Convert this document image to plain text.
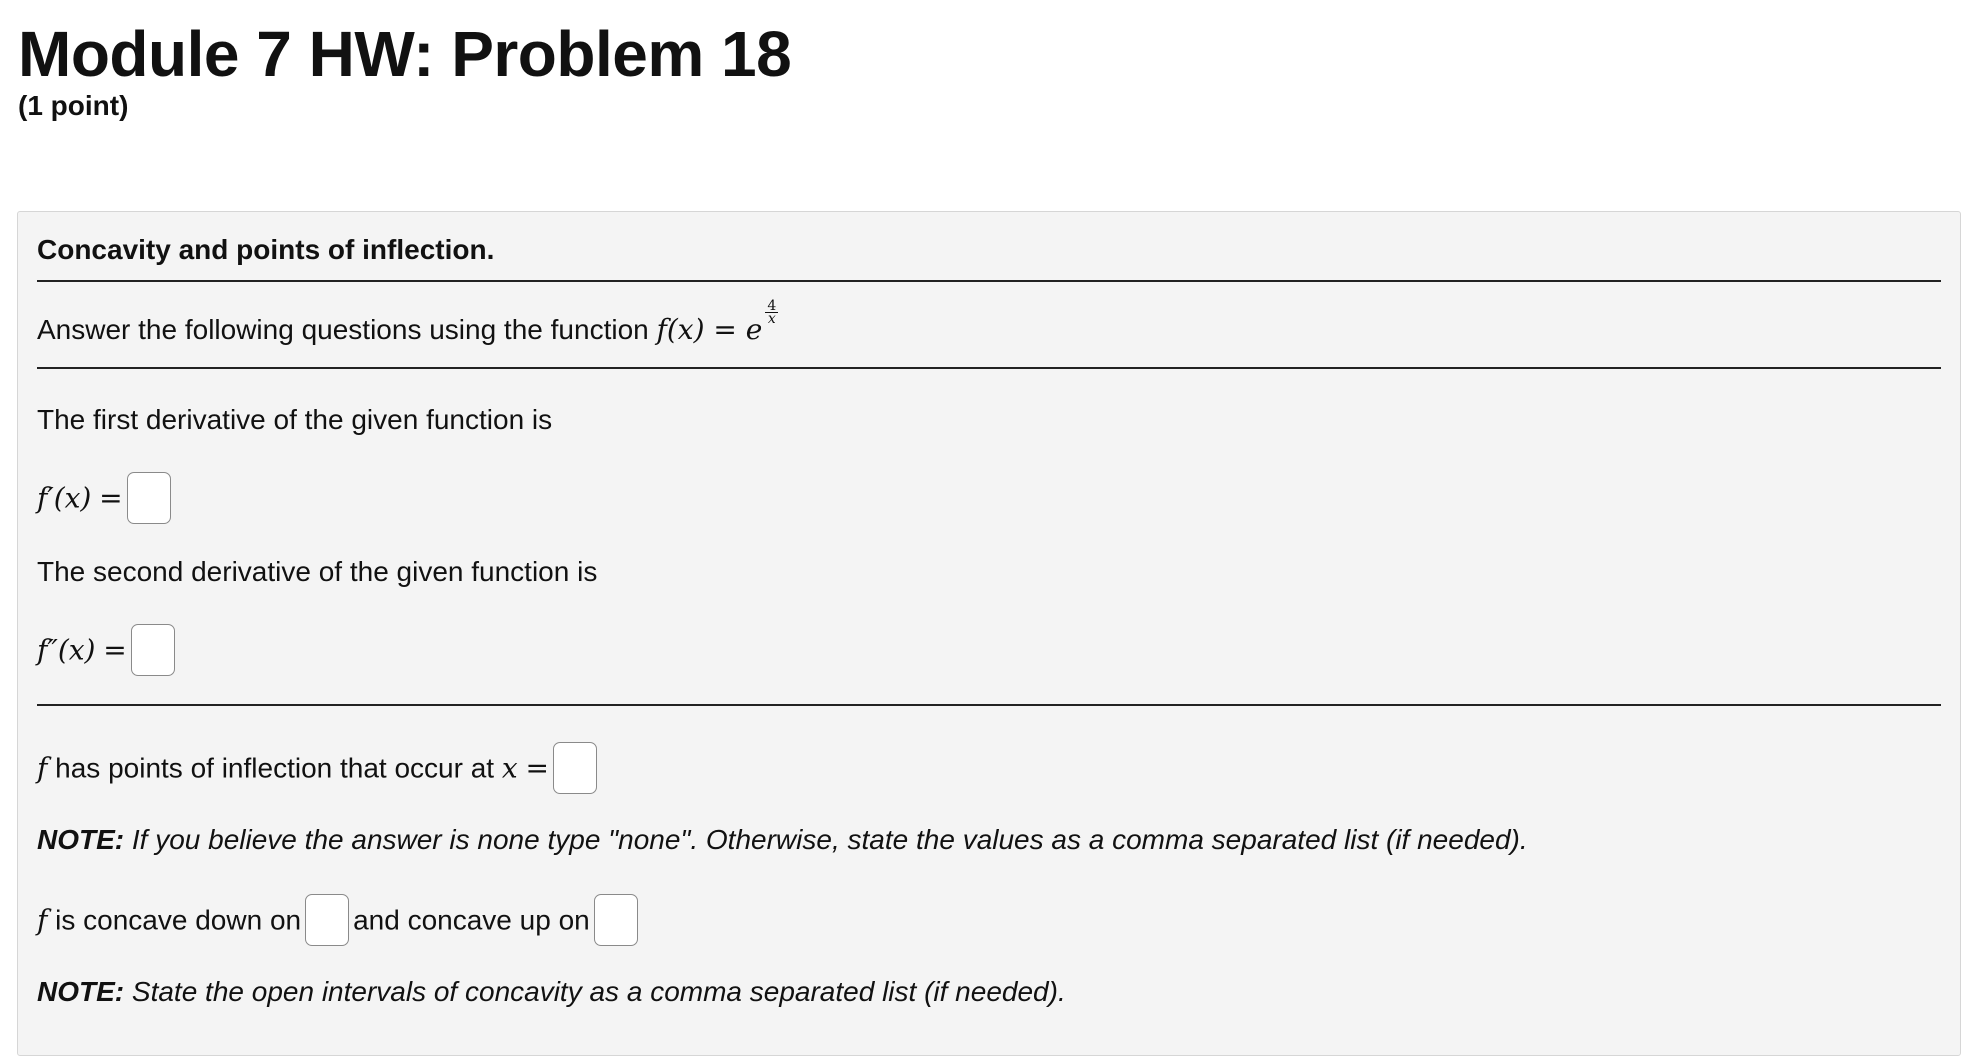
Module 7 HW: Problem 18
(1 point)
Concavity and points of inflection.
Answer the following questions using the function f(x) = e
$\frac{4}{x}$
The first derivative of the given function is
f′(x) =
The second derivative of the given function is
f″(x) =
f has points of inflection that occur at x =
NOTE: If you believe the answer is none type "none". Otherwise, state the values as a comma separated list (if needed).
f is concave down on and concave up on
NOTE: State the open intervals of concavity as a comma separated list (if needed).
